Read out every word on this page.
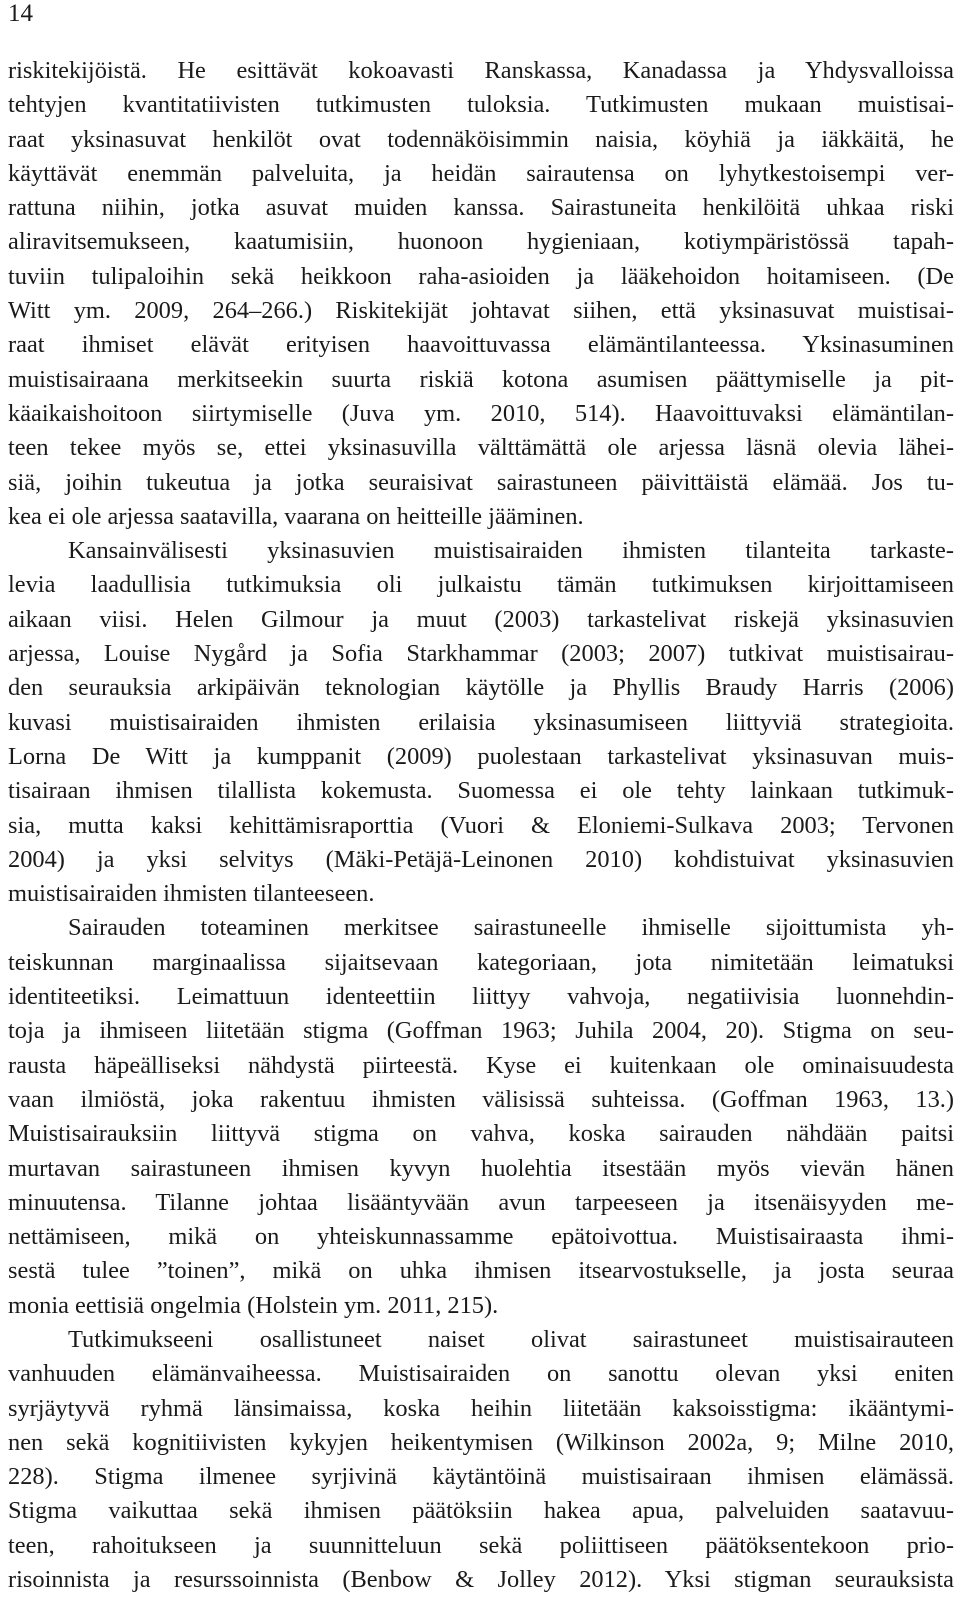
14
riskitekijöistä. He esittävät kokoavasti Ranskassa, Kanadassa ja Yhdysvalloissa
tehtyjen kvantitatiivisten tutkimusten tuloksia. Tutkimusten mukaan muistisai-
raat yksinasuvat henkilöt ovat todennäköisimmin naisia, köyhiä ja iäkkäitä, he
käyttävät enemmän palveluita, ja heidän sairautensa on lyhytkestoisempi ver-
rattuna niihin, jotka asuvat muiden kanssa. Sairastuneita henkilöitä uhkaa riski
aliravitsemukseen, kaatumisiin, huonoon hygieniaan, kotiympäristössä tapah-
tuviin tulipaloihin sekä heikkoon raha-asioiden ja lääkehoidon hoitamiseen. (De
Witt ym. 2009, 264–266.) Riskitekijät johtavat siihen, että yksinasuvat muistisai-
raat ihmiset elävät erityisen haavoittuvassa elämäntilanteessa. Yksinasuminen
muistisairaana merkitseekin suurta riskiä kotona asumisen päättymiselle ja pit-
käaikaishoitoon siirtymiselle (Juva ym. 2010, 514). Haavoittuvaksi elämäntilan-
teen tekee myös se, ettei yksinasuvilla välttämättä ole arjessa läsnä olevia lähei-
siä, joihin tukeutua ja jotka seuraisivat sairastuneen päivittäistä elämää. Jos tu-
kea ei ole arjessa saatavilla, vaarana on heitteille jääminen.
Kansainvälisesti yksinasuvien muistisairaiden ihmisten tilanteita tarkaste-
levia laadullisia tutkimuksia oli julkaistu tämän tutkimuksen kirjoittamiseen
aikaan viisi. Helen Gilmour ja muut (2003) tarkastelivat riskejä yksinasuvien
arjessa, Louise Nygård ja Sofia Starkhammar (2003; 2007) tutkivat muistisairau-
den seurauksia arkipäivän teknologian käytölle ja Phyllis Braudy Harris (2006)
kuvasi muistisairaiden ihmisten erilaisia yksinasumiseen liittyviä strategioita.
Lorna De Witt ja kumppanit (2009) puolestaan tarkastelivat yksinasuvan muis-
tisairaan ihmisen tilallista kokemusta. Suomessa ei ole tehty lainkaan tutkimuk-
sia, mutta kaksi kehittämisraporttia (Vuori & Eloniemi-Sulkava 2003; Tervonen
2004) ja yksi selvitys (Mäki-Petäjä-Leinonen 2010) kohdistuivat yksinasuvien
muistisairaiden ihmisten tilanteeseen.
Sairauden toteaminen merkitsee sairastuneelle ihmiselle sijoittumista yh-
teiskunnan marginaalissa sijaitsevaan kategoriaan, jota nimitetään leimatuksi
identiteetiksi. Leimattuun identeettiin liittyy vahvoja, negatiivisia luonnehdin-
toja ja ihmiseen liitetään stigma (Goffman 1963; Juhila 2004, 20). Stigma on seu-
rausta häpeälliseksi nähdystä piirteestä. Kyse ei kuitenkaan ole ominaisuudesta
vaan ilmiöstä, joka rakentuu ihmisten välisissä suhteissa. (Goffman 1963, 13.)
Muistisairauksiin liittyvä stigma on vahva, koska sairauden nähdään paitsi
murtavan sairastuneen ihmisen kyvyn huolehtia itsestään myös vievän hänen
minuutensa. Tilanne johtaa lisääntyvään avun tarpeeseen ja itsenäisyyden me-
nettämiseen, mikä on yhteiskunnassamme epätoivottua. Muistisairaasta ihmi-
sestä tulee ”toinen”, mikä on uhka ihmisen itsearvostukselle, ja josta seuraa
monia eettisiä ongelmia (Holstein ym. 2011, 215).
Tutkimukseeni osallistuneet naiset olivat sairastuneet muistisairauteen
vanhuuden elämänvaiheessa. Muistisairaiden on sanottu olevan yksi eniten
syrjäytyvä ryhmä länsimaissa, koska heihin liitetään kaksoisstigma: ikääntymi-
nen sekä kognitiivisten kykyjen heikentymisen (Wilkinson 2002a, 9; Milne 2010,
228). Stigma ilmenee syrjivinä käytäntöinä muistisairaan ihmisen elämässä.
Stigma vaikuttaa sekä ihmisen päätöksiin hakea apua, palveluiden saatavuu-
teen, rahoitukseen ja suunnitteluun sekä poliittiseen päätöksentekoon prio-
risoinnista ja resurssoinnista (Benbow & Jolley 2012). Yksi stigman seurauksista
